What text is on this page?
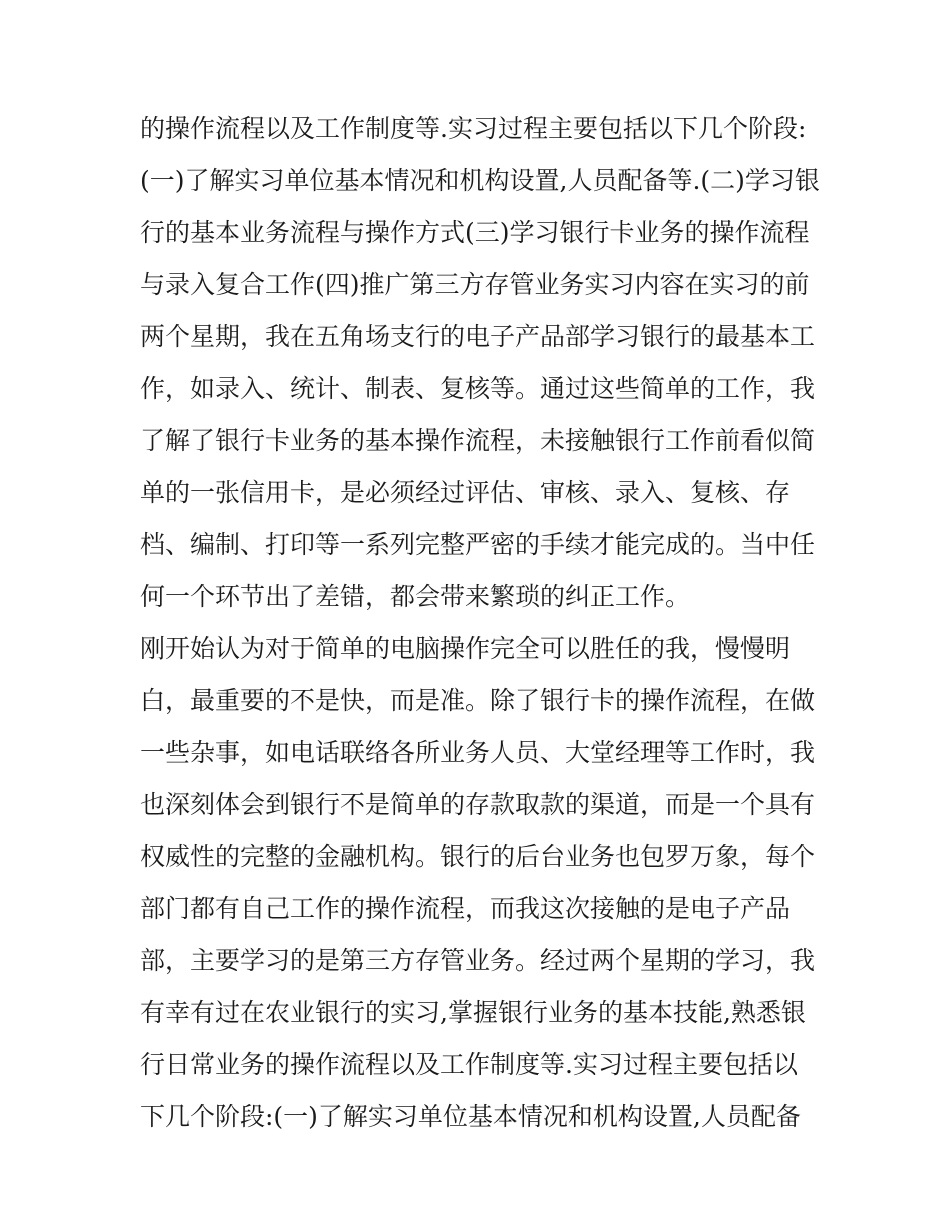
的操作流程以及工作制度等.实习过程主要包括以下几个阶段:
(一)了解实习单位基本情况和机构设置,人员配备等.(二)学习银
行的基本业务流程与操作方式(三)学习银行卡业务的操作流程
与录入复合工作(四)推广第三方存管业务实习内容在实习的前
两个星期，我在五角场支行的电子产品部学习银行的最基本工
作，如录入、统计、制表、复核等。通过这些简单的工作，我
了解了银行卡业务的基本操作流程，未接触银行工作前看似简
单的一张信用卡，是必须经过评估、审核、录入、复核、存
档、编制、打印等一系列完整严密的手续才能完成的。当中任
何一个环节出了差错，都会带来繁琐的纠正工作。
刚开始认为对于简单的电脑操作完全可以胜任的我，慢慢明
白，最重要的不是快，而是准。除了银行卡的操作流程，在做
一些杂事，如电话联络各所业务人员、大堂经理等工作时，我
也深刻体会到银行不是简单的存款取款的渠道，而是一个具有
权威性的完整的金融机构。银行的后台业务也包罗万象，每个
部门都有自己工作的操作流程，而我这次接触的是电子产品
部，主要学习的是第三方存管业务。经过两个星期的学习，我
有幸有过在农业银行的实习,掌握银行业务的基本技能,熟悉银
行日常业务的操作流程以及工作制度等.实习过程主要包括以
下几个阶段:(一)了解实习单位基本情况和机构设置,人员配备
